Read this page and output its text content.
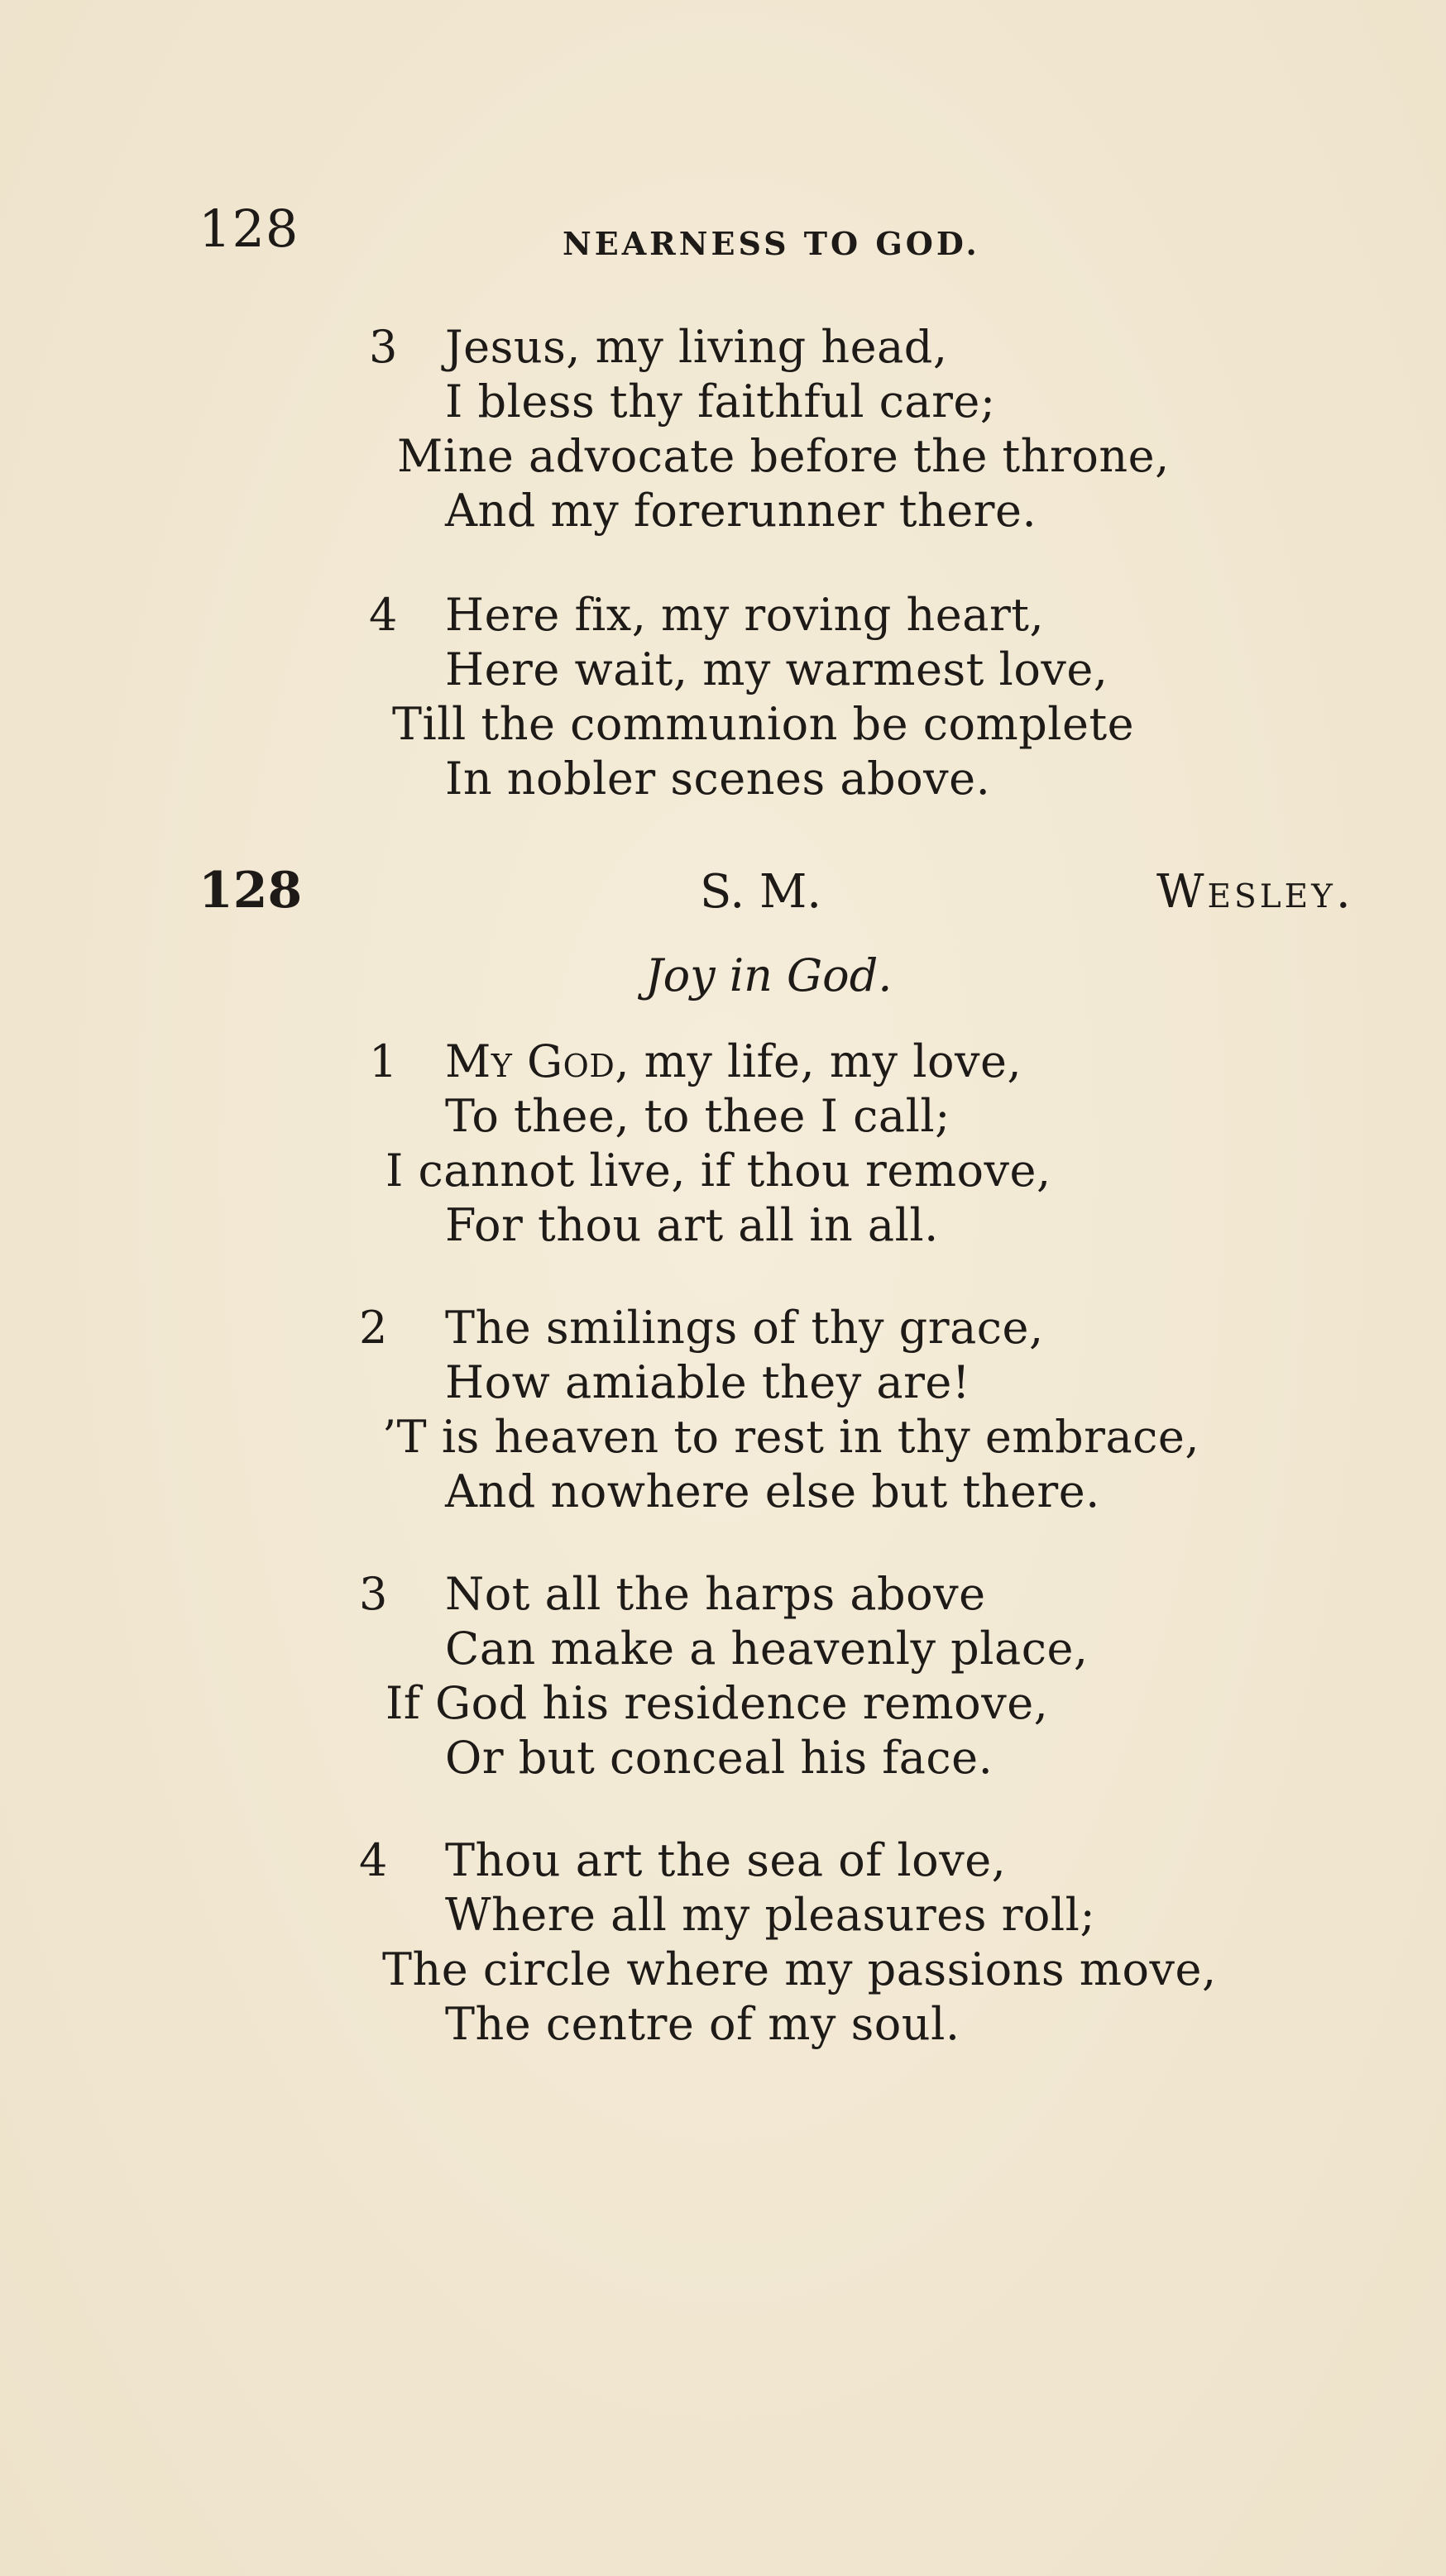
128	NEARNESS TO GOD.
3 Jesus, my living head,
I bless thy faithful care;
Mine advocate before the throne,
And my forerunner there.
4 Here fix, my roving heart,
Here wait, my warmest love,
Till the communion be complete
In nobler scenes above.
128	S. M.	Wesley.
Joy in God.
1 My God, my life, my love,
To thee, to thee I call;
I cannot live, if thou remove,
For thou art all in all.
2 The smilings of thy grace,
How amiable they are!
’T is heaven to rest in thy embrace,
And nowhere else but there.
3 Not all the harps above
Can make a heavenly place,
If God his residence remove,
Or but conceal his face.
4 Thou art the sea of love,
Where all my pleasures roll;
The circle where my passions move,
The centre of my soul.
